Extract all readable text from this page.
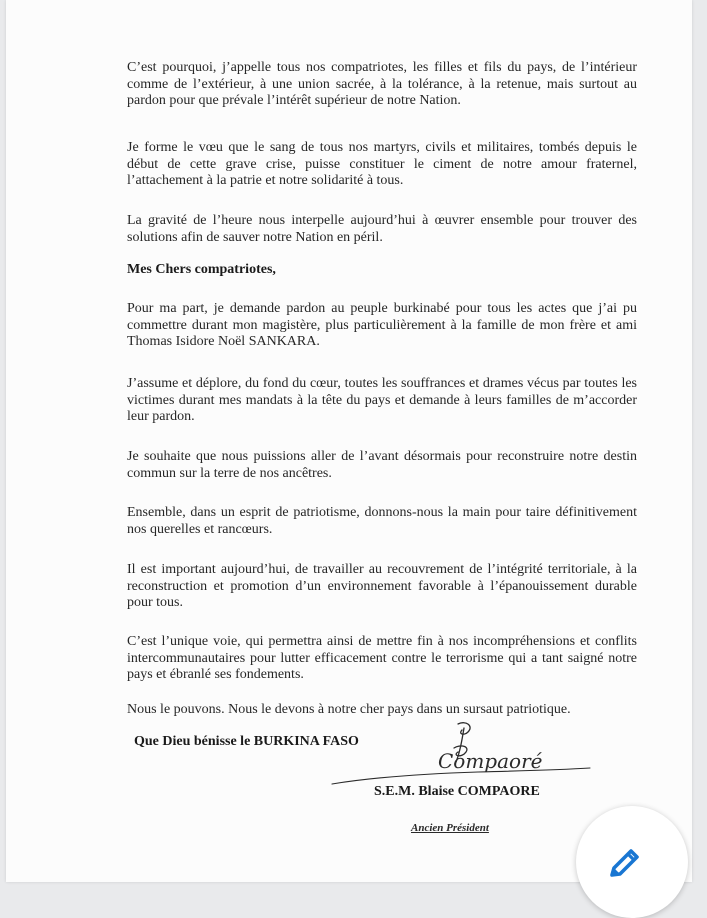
C’est pourquoi, j’appelle tous nos compatriotes, les filles et fils du pays, de l’intérieur comme de l’extérieur, à une union sacrée, à la tolérance, à la retenue, mais surtout au pardon pour que prévale l’intérêt supérieur de notre Nation.

Je forme le vœu que le sang de tous nos martyrs, civils et militaires, tombés depuis le début de cette grave crise, puisse constituer le ciment de notre amour fraternel, l’attachement à la patrie et notre solidarité à tous.

La gravité de l’heure nous interpelle aujourd’hui à œuvrer ensemble pour trouver des solutions afin de sauver notre Nation en péril.

Mes Chers compatriotes,

Pour ma part, je demande pardon au peuple burkinabé pour tous les actes que j’ai pu commettre durant mon magistère, plus particulièrement à la famille de mon frère et ami Thomas Isidore Noël SANKARA.

J’assume et déplore, du fond du cœur, toutes les souffrances et drames vécus par toutes les victimes durant mes mandats à la tête du pays et demande à leurs familles de m’accorder leur pardon.

Je souhaite que nous puissions aller de l’avant désormais pour reconstruire notre destin commun sur la terre de nos ancêtres.

Ensemble, dans un esprit de patriotisme, donnons-nous la main pour taire définitivement nos querelles et rancœurs.

Il est important aujourd’hui, de travailler au recouvrement de l’intégrité territoriale, à la reconstruction et promotion d’un environnement favorable à l’épanouissement durable pour tous.

C’est l’unique voie, qui permettra ainsi de mettre fin à nos incompréhensions et conflits intercommunautaires pour lutter efficacement contre le terrorisme qui a tant saigné notre pays et ébranlé ses fondements.

Nous le pouvons. Nous le devons à notre cher pays dans un sursaut patriotique.

Que Dieu bénisse le BURKINA FASO

Compaoré

S.E.M. Blaise COMPAORE

Ancien Président
